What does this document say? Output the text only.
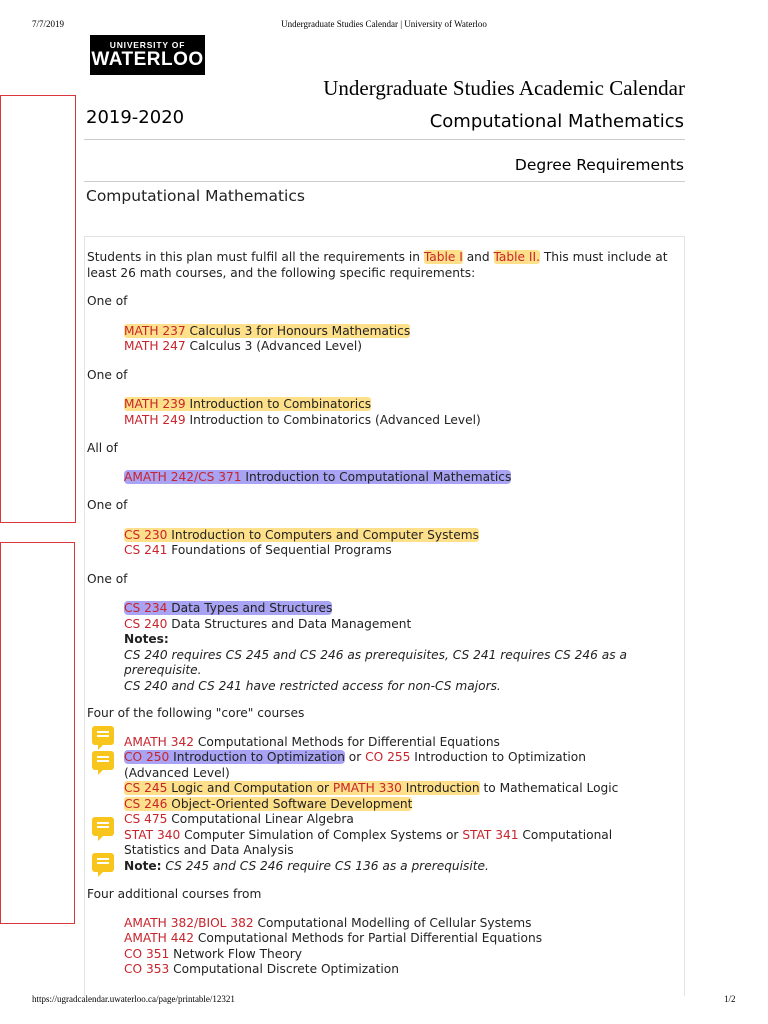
7/7/2019	Undergraduate Studies Calendar | University of Waterloo
UNIVERSITY OF
WATERLOO
Undergraduate Studies Academic Calendar
2019-2020	Computational Mathematics
Degree Requirements
Computational Mathematics
Students in this plan must fulfil all the requirements in Table I and Table II. This must include at least 26 math courses, and the following specific requirements:
One of
MATH 237 Calculus 3 for Honours Mathematics
MATH 247 Calculus 3 (Advanced Level)
One of
MATH 239 Introduction to Combinatorics
MATH 249 Introduction to Combinatorics (Advanced Level)
All of
AMATH 242/CS 371 Introduction to Computational Mathematics
One of
CS 230 Introduction to Computers and Computer Systems
CS 241 Foundations of Sequential Programs
One of
CS 234 Data Types and Structures
CS 240 Data Structures and Data Management
Notes:
CS 240 requires CS 245 and CS 246 as prerequisites, CS 241 requires CS 246 as a prerequisite.
CS 240 and CS 241 have restricted access for non-CS majors.
Four of the following "core" courses
AMATH 342 Computational Methods for Differential Equations
CO 250 Introduction to Optimization or CO 255 Introduction to Optimization (Advanced Level)
CS 245 Logic and Computation or PMATH 330 Introduction to Mathematical Logic
CS 246 Object-Oriented Software Development
CS 475 Computational Linear Algebra
STAT 340 Computer Simulation of Complex Systems or STAT 341 Computational Statistics and Data Analysis
Note: CS 245 and CS 246 require CS 136 as a prerequisite.
Four additional courses from
AMATH 382/BIOL 382 Computational Modelling of Cellular Systems
AMATH 442 Computational Methods for Partial Differential Equations
CO 351 Network Flow Theory
CO 353 Computational Discrete Optimization
https://ugradcalendar.uwaterloo.ca/page/printable/12321	1/2
